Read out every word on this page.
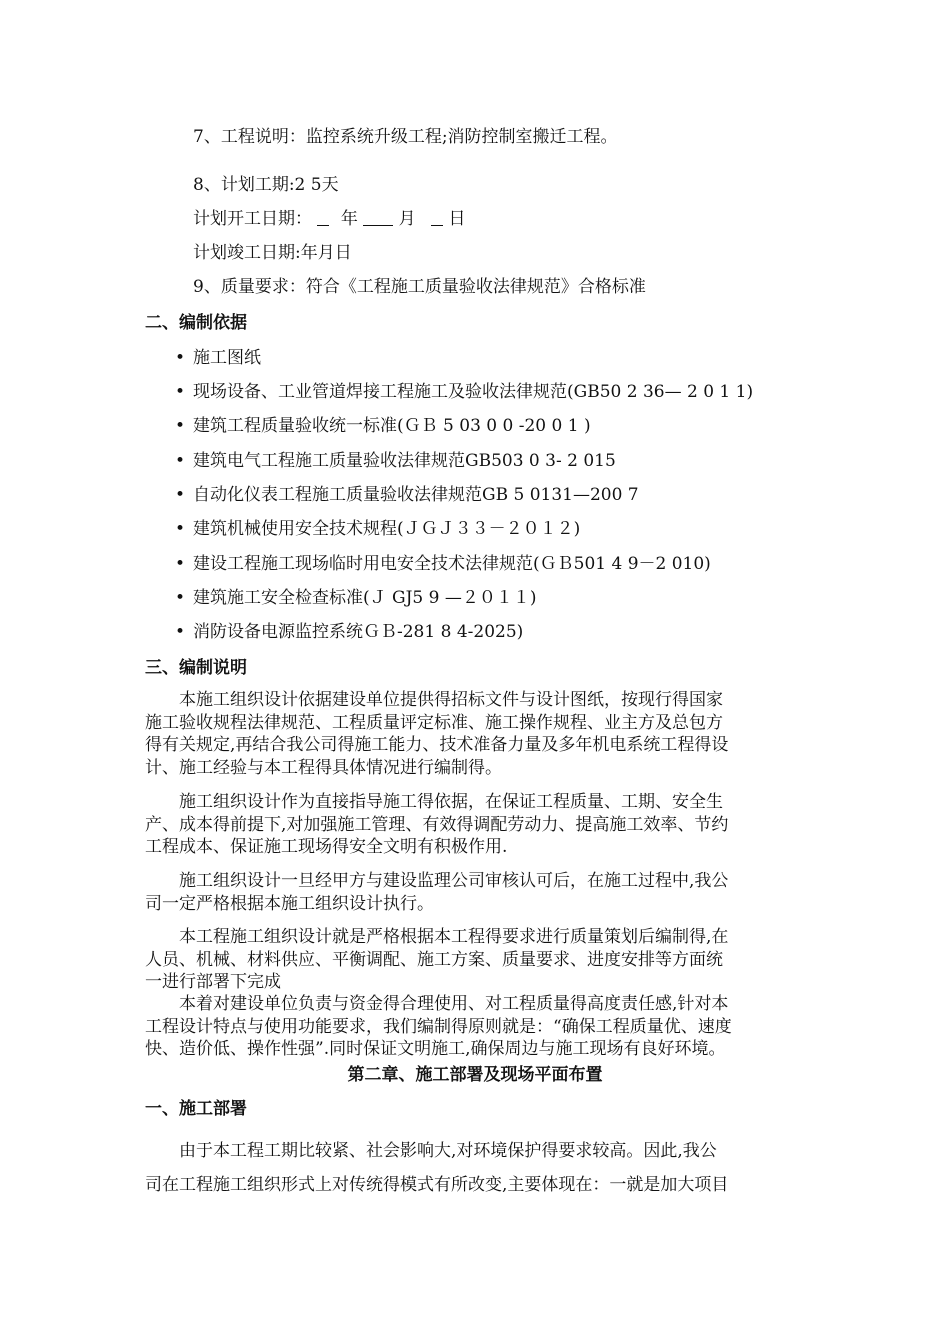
7、工程说明：监控系统升级工程;消防控制室搬迁工程。
8、计划工期:2 5天
计划开工日期： 年 月 日
计划竣工日期:年月日
9、质量要求：符合《工程施工质量验收法律规范》合格标准
二、编制依据
• 施工图纸
• 现场设备、工业管道焊接工程施工及验收法律规范(GB50 2 36— 2 0 1 1)
• 建筑工程质量验收统一标准(ＧＢ 5 03 0 0 -20 0 1 )
• 建筑电气工程施工质量验收法律规范GB503 0 3- 2 015
• 自动化仪表工程施工质量验收法律规范GB 5 0131—200 7
• 建筑机械使用安全技术规程(ＪＧＪ３３－２０１２)
• 建设工程施工现场临时用电安全技术法律规范(ＧＢ501 4 9－2 010)
• 建筑施工安全检查标准(Ｊ GJ5 9 —２０１１)
• 消防设备电源监控系统ＧＢ-281 8 4-2025)
三、编制说明
　　本施工组织设计依据建设单位提供得招标文件与设计图纸，按现行得国家
施工验收规程法律规范、工程质量评定标准、施工操作规程、业主方及总包方
得有关规定,再结合我公司得施工能力、技术准备力量及多年机电系统工程得设
计、施工经验与本工程得具体情况进行编制得。
　　施工组织设计作为直接指导施工得依据，在保证工程质量、工期、安全生
产、成本得前提下,对加强施工管理、有效得调配劳动力、提高施工效率、节约
工程成本、保证施工现场得安全文明有积极作用.
　　施工组织设计一旦经甲方与建设监理公司审核认可后，在施工过程中,我公
司一定严格根据本施工组织设计执行。
　　本工程施工组织设计就是严格根据本工程得要求进行质量策划后编制得,在
人员、机械、材料供应、平衡调配、施工方案、质量要求、进度安排等方面统
一进行部署下完成
　　本着对建设单位负责与资金得合理使用、对工程质量得高度责任感,针对本
工程设计特点与使用功能要求，我们编制得原则就是：“确保工程质量优、速度
快、造价低、操作性强”.同时保证文明施工,确保周边与施工现场有良好环境。
第二章、施工部署及现场平面布置
一、施工部署
　　由于本工程工期比较紧、社会影响大,对环境保护得要求较高。因此,我公
司在工程施工组织形式上对传统得模式有所改变,主要体现在：一就是加大项目
